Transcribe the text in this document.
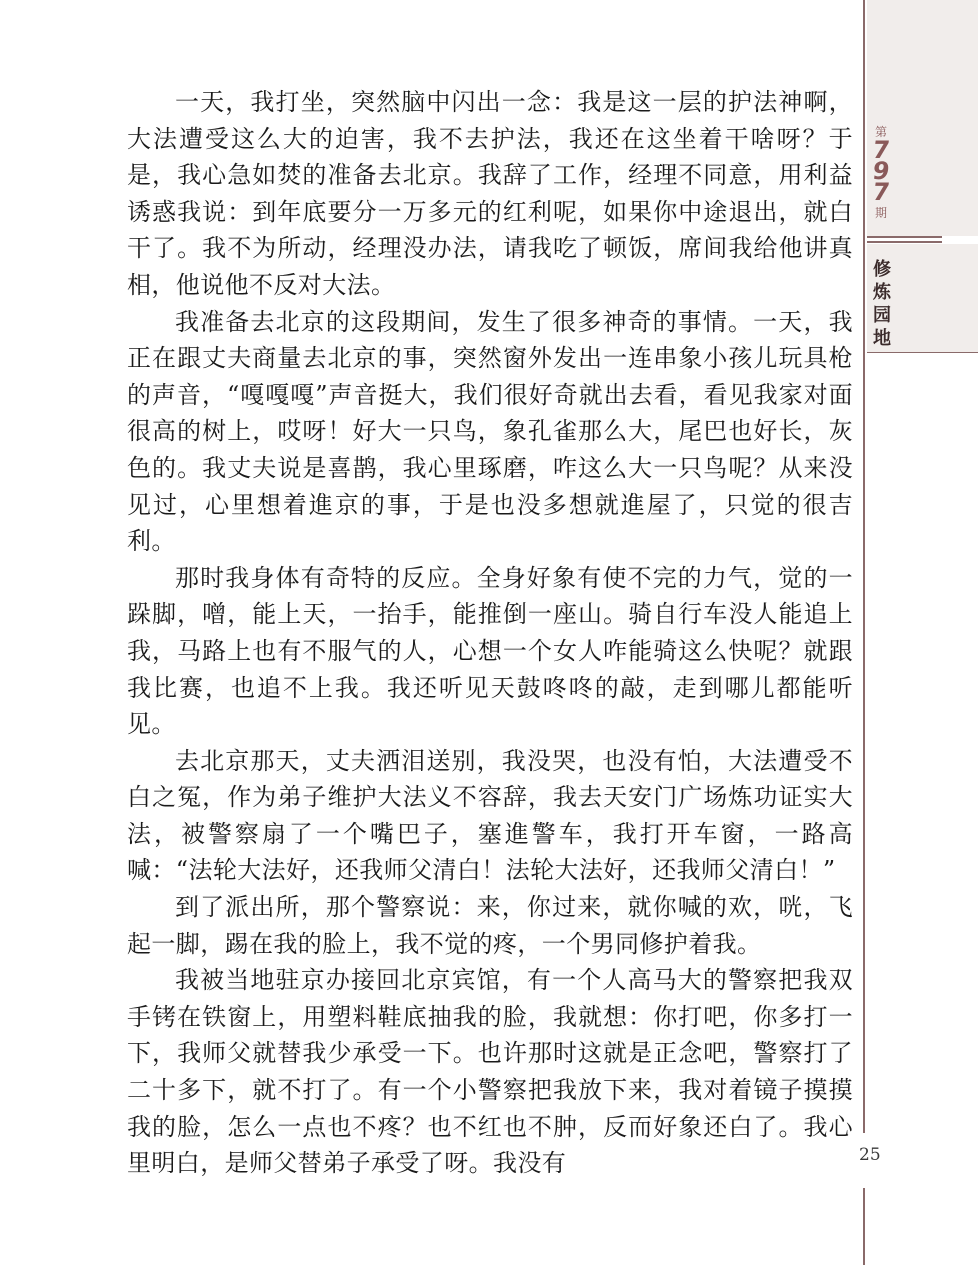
一天，我打坐，突然脑中闪出一念：我是这一层的护法神啊，大法遭受这么大的迫害，我不去护法，我还在这坐着干啥呀？于是，我心急如焚的准备去北京。我辞了工作，经理不同意，用利益诱惑我说：到年底要分一万多元的红利呢，如果你中途退出，就白干了。我不为所动，经理没办法，请我吃了顿饭，席间我给他讲真相，他说他不反对大法。

我准备去北京的这段期间，发生了很多神奇的事情。一天，我正在跟丈夫商量去北京的事，突然窗外发出一连串象小孩儿玩具枪的声音，“嘎嘎嘎”声音挺大，我们很好奇就出去看，看见我家对面很高的树上，哎呀！好大一只鸟，象孔雀那么大，尾巴也好长，灰色的。我丈夫说是喜鹊，我心里琢磨，咋这么大一只鸟呢？从来没见过，心里想着進京的事，于是也没多想就進屋了，只觉的很吉利。

那时我身体有奇特的反应。全身好象有使不完的力气，觉的一跺脚，噌，能上天，一抬手，能推倒一座山。骑自行车没人能追上我，马路上也有不服气的人，心想一个女人咋能骑这么快呢？就跟我比赛，也追不上我。我还听见天鼓咚咚的敲，走到哪儿都能听见。

去北京那天，丈夫洒泪送别，我没哭，也没有怕，大法遭受不白之冤，作为弟子维护大法义不容辞，我去天安门广场炼功证实大法，被警察扇了一个嘴巴子，塞進警车，我打开车窗，一路高喊：“法轮大法好，还我师父清白！法轮大法好，还我师父清白！”

到了派出所，那个警察说：来，你过来，就你喊的欢，咣，飞起一脚，踢在我的脸上，我不觉的疼，一个男同修护着我。

我被当地驻京办接回北京宾馆，有一个人高马大的警察把我双手铐在铁窗上，用塑料鞋底抽我的脸，我就想：你打吧，你多打一下，我师父就替我少承受一下。也许那时这就是正念吧，警察打了二十多下，就不打了。有一个小警察把我放下来，我对着镜子摸摸我的脸，怎么一点也不疼？也不红也不肿，反而好象还白了。我心里明白，是师父替弟子承受了呀。我没有

第
7
9
7
期
修
炼
园
地
25
